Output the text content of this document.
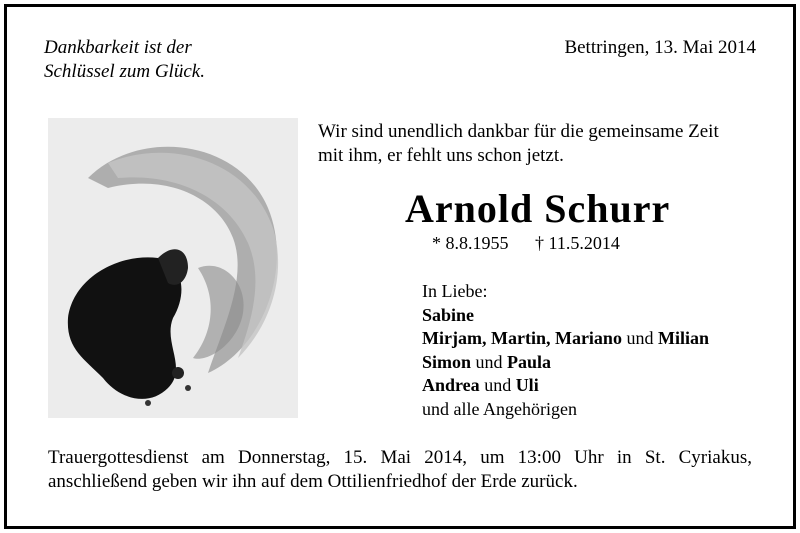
Dankbarkeit ist der
Schlüssel zum Glück.
Bettringen, 13. Mai 2014
Wir sind unendlich dankbar für die gemeinsame Zeit
mit ihm, er fehlt uns schon jetzt.
Arnold Schurr
* 8.8.1955 † 11.5.2014
In Liebe:
Sabine
Mirjam, Martin, Mariano und Milian
Simon und Paula
Andrea und Uli
und alle Angehörigen
Trauergottesdienst am Donnerstag, 15. Mai 2014, um 13:00 Uhr in St. Cyriakus,
anschließend geben wir ihn auf dem Ottilienfriedhof der Erde zurück.
